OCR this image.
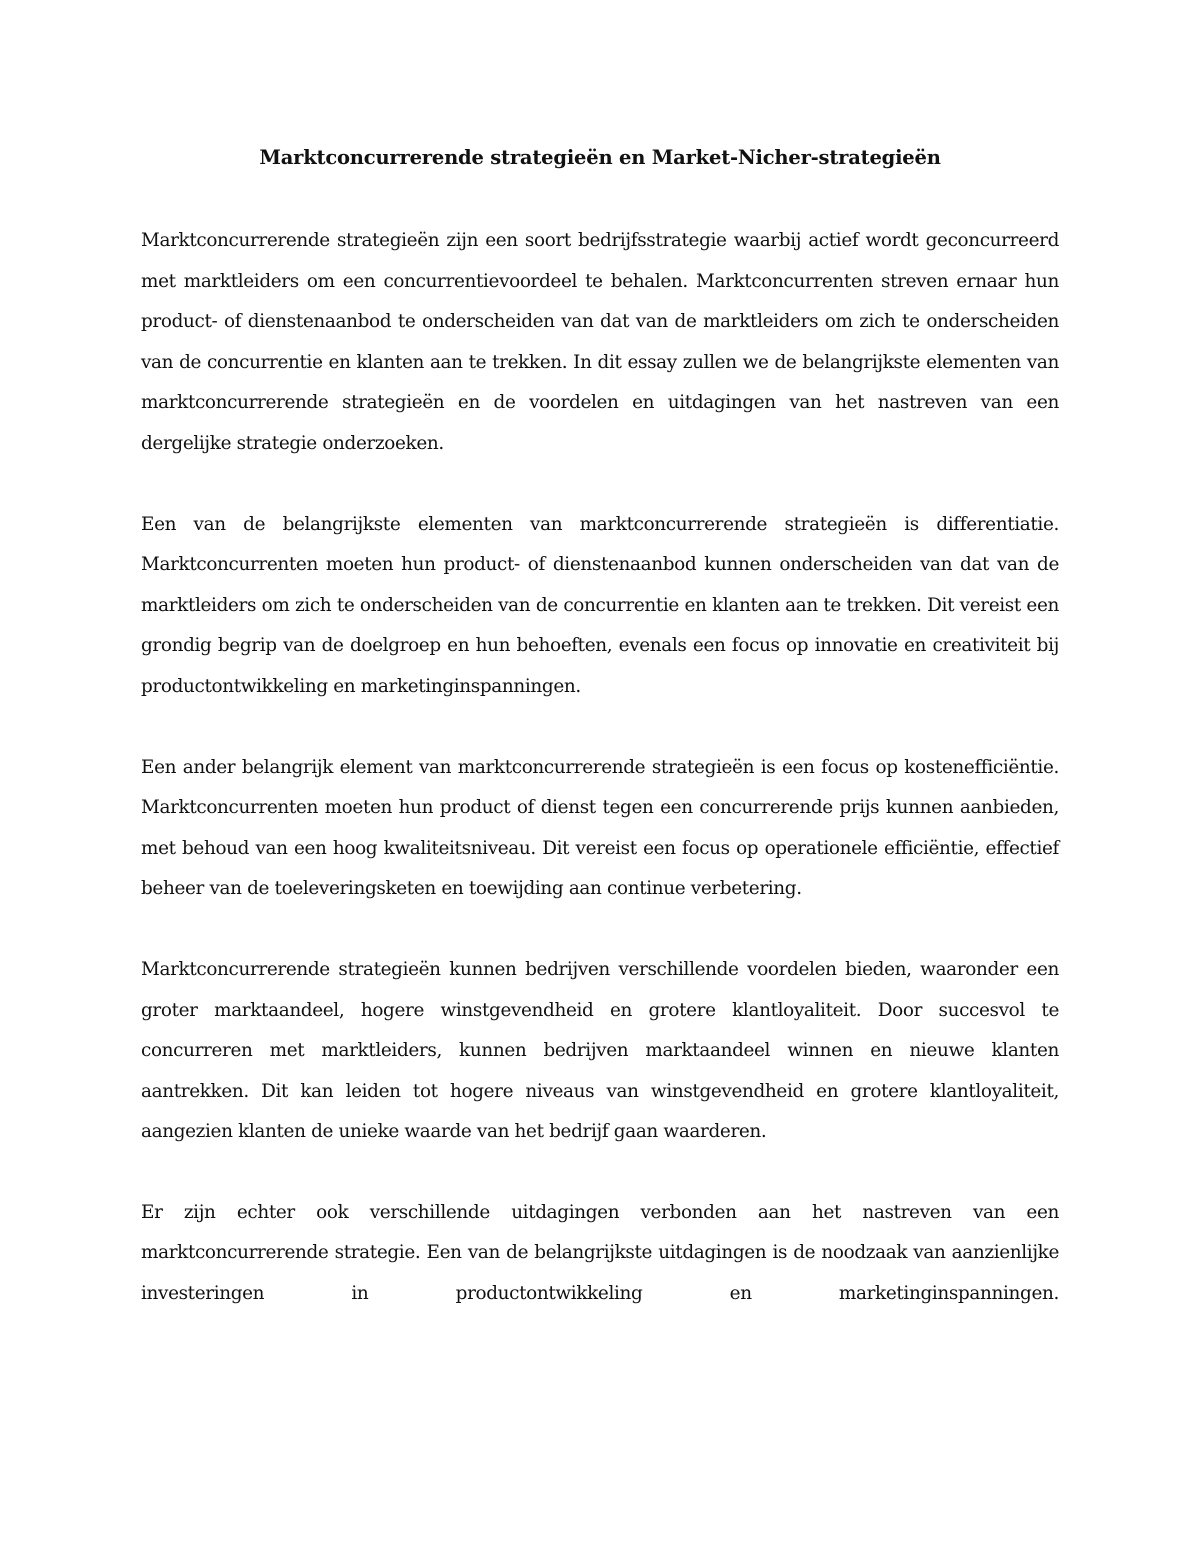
Marktconcurrerende strategieën en Market-Nicher-strategieën

Marktconcurrerende strategieën zijn een soort bedrijfsstrategie waarbij actief wordt geconcurreerd met marktleiders om een concurrentievoordeel te behalen. Marktconcurrenten streven ernaar hun product- of dienstenaanbod te onderscheiden van dat van de marktleiders om zich te onderscheiden van de concurrentie en klanten aan te trekken. In dit essay zullen we de belangrijkste elementen van marktconcurrerende strategieën en de voordelen en uitdagingen van het nastreven van een dergelijke strategie onderzoeken.

Een van de belangrijkste elementen van marktconcurrerende strategieën is differentiatie. Marktconcurrenten moeten hun product- of dienstenaanbod kunnen onderscheiden van dat van de marktleiders om zich te onderscheiden van de concurrentie en klanten aan te trekken. Dit vereist een grondig begrip van de doelgroep en hun behoeften, evenals een focus op innovatie en creativiteit bij productontwikkeling en marketinginspanningen.

Een ander belangrijk element van marktconcurrerende strategieën is een focus op kostenefficiëntie. Marktconcurrenten moeten hun product of dienst tegen een concurrerende prijs kunnen aanbieden, met behoud van een hoog kwaliteitsniveau. Dit vereist een focus op operationele efficiëntie, effectief beheer van de toeleveringsketen en toewijding aan continue verbetering.

Marktconcurrerende strategieën kunnen bedrijven verschillende voordelen bieden, waaronder een groter marktaandeel, hogere winstgevendheid en grotere klantloyaliteit. Door succesvol te concurreren met marktleiders, kunnen bedrijven marktaandeel winnen en nieuwe klanten aantrekken. Dit kan leiden tot hogere niveaus van winstgevendheid en grotere klantloyaliteit, aangezien klanten de unieke waarde van het bedrijf gaan waarderen.

Er zijn echter ook verschillende uitdagingen verbonden aan het nastreven van een marktconcurrerende strategie. Een van de belangrijkste uitdagingen is de noodzaak van aanzienlijke investeringen in productontwikkeling en marketinginspanningen.
